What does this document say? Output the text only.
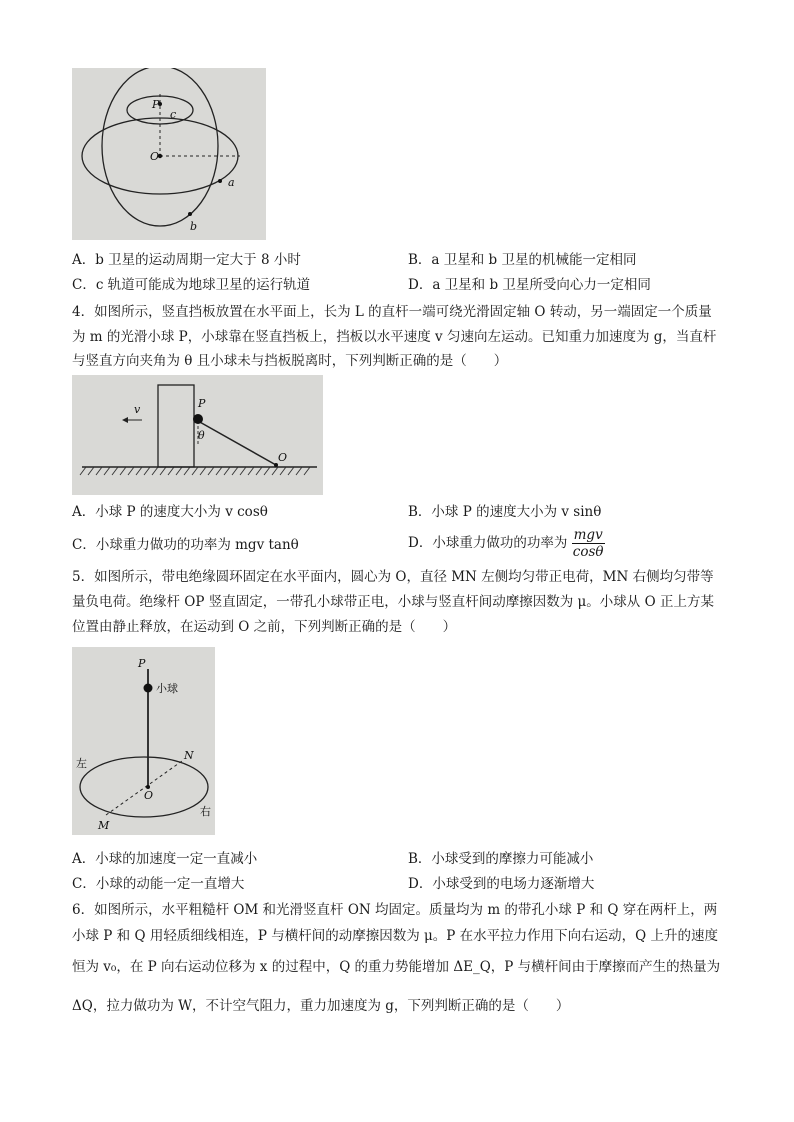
P
c
O
a
b
A．b 卫星的运动周期一定大于 8 小时	B．a 卫星和 b 卫星的机械能一定相同
C．c 轨道可能成为地球卫星的运行轨道	D．a 卫星和 b 卫星所受向心力一定相同
4．如图所示，竖直挡板放置在水平面上，长为 L 的直杆一端可绕光滑固定轴 O 转动，另一端固定一个质量
为 m 的光滑小球 P，小球靠在竖直挡板上，挡板以水平速度 v 匀速向左运动。已知重力加速度为 g，当直杆
与竖直方向夹角为 θ 且小球未与挡板脱离时，下列判断正确的是（　　）
v	P
θ
O
A．小球 P 的速度大小为 v cosθ	B．小球 P 的速度大小为 v sinθ
C．小球重力做功的功率为 mgv tanθ	D．小球重力做功的功率为 $\frac{\text{mgv}}{\cos\theta}$
5．如图所示，带电绝缘圆环固定在水平面内，圆心为 O，直径 MN 左侧均匀带正电荷，MN 右侧均匀带等
量负电荷。绝缘杆 OP 竖直固定，一带孔小球带正电，小球与竖直杆间动摩擦因数为 μ。小球从 O 正上方某
位置由静止释放，在运动到 O 之前，下列判断正确的是（　　）
P
小球
左
N
O
右
M
A．小球的加速度一定一直减小	B．小球受到的摩擦力可能减小
C．小球的动能一定一直增大	D．小球受到的电场力逐渐增大
6．如图所示，水平粗糙杆 OM 和光滑竖直杆 ON 均固定。质量均为 m 的带孔小球 P 和 Q 穿在两杆上，两
小球 P 和 Q 用轻质细线相连，P 与横杆间的动摩擦因数为 μ。P 在水平拉力作用下向右运动，Q 上升的速度
恒为 v₀，在 P 向右运动位移为 x 的过程中，Q 的重力势能增加 ΔE_Q，P 与横杆间由于摩擦而产生的热量为
ΔQ，拉力做功为 W，不计空气阻力，重力加速度为 g，下列判断正确的是（　　）
